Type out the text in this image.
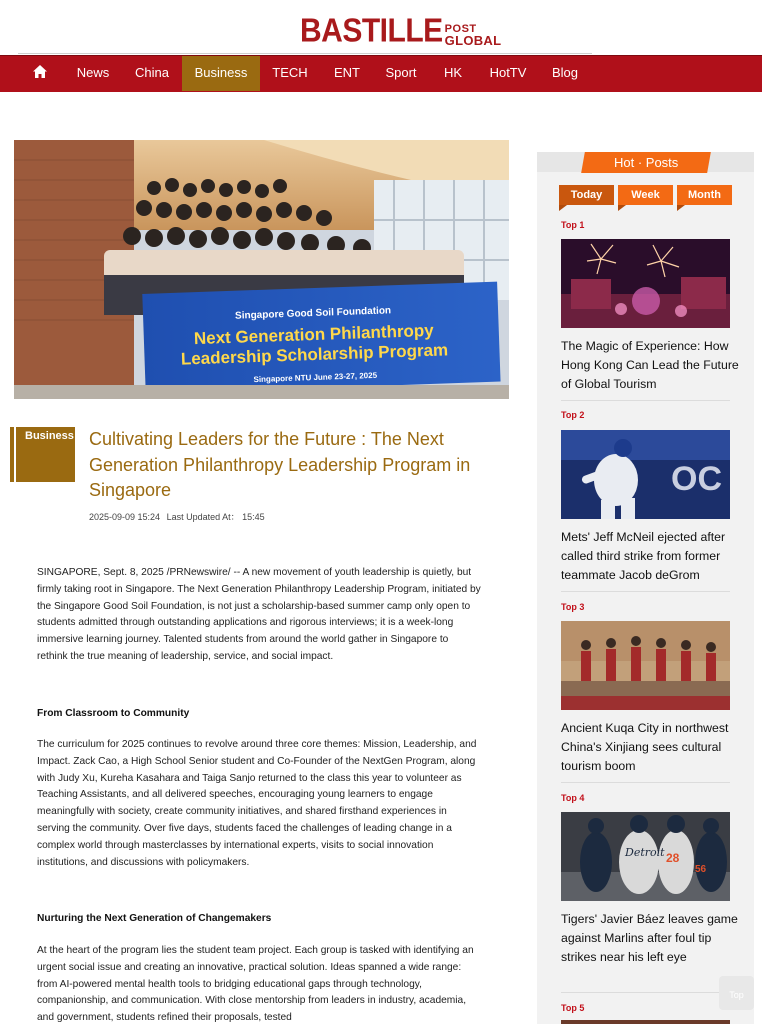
BASTILLE POST
GLOBAL
News	China	Business	TECH	ENT	Sport	HK	HotTV	Blog
Singapore Good Soil Foundation
Next Generation Philanthropy
Leadership Scholarship Program
Singapore NTU June 23-27, 2025
Business Cultivating Leaders for the Future : The Next Generation Philanthropy Leadership Program in Singapore
2025-09-09 15:24 Last Updated At： 15:45

SINGAPORE, Sept. 8, 2025 /PRNewswire/ -- A new movement of youth leadership is quietly, but firmly taking root in Singapore. The Next Generation Philanthropy Leadership Program, initiated by the Singapore Good Soil Foundation, is not just a scholarship-based summer camp only open to students admitted through outstanding applications and rigorous interviews; it is a week-long immersive learning journey. Talented students from around the world gather in Singapore to rethink the true meaning of leadership, service, and social impact.

From Classroom to Community

The curriculum for 2025 continues to revolve around three core themes: Mission, Leadership, and Impact. Zack Cao, a High School Senior student and Co-Founder of the NextGen Program, along with Judy Xu, Kureha Kasahara and Taiga Sanjo returned to the class this year to volunteer as Teaching Assistants, and all delivered speeches, encouraging young learners to engage meaningfully with society, create community initiatives, and shared firsthand experiences in serving the community. Over five days, students faced the challenges of leading change in a complex world through masterclasses by international experts, visits to social innovation institutions, and discussions with policymakers.

Nurturing the Next Generation of Changemakers

At the heart of the program lies the student team project. Each group is tasked with identifying an urgent social issue and creating an innovative, practical solution. Ideas spanned a wide range: from AI-powered mental health tools to bridging educational gaps through technology, companionship, and communication. With close mentorship from leaders in industry, academia, and government, students refined their proposals, tested

Hot · Posts
Today	Week	Month
Top 1
The Magic of Experience: How Hong Kong Can Lead the Future of Global Tourism
Top 2
OC
Mets' Jeff McNeil ejected after called third strike from former teammate Jacob deGrom
Top 3
Ancient Kuqa City in northwest China's Xinjiang sees cultural tourism boom
Top 4
Detroit 28
56
Tigers' Javier Báez leaves game against Marlins after foul tip strikes near his left eye
Top 5
Top
